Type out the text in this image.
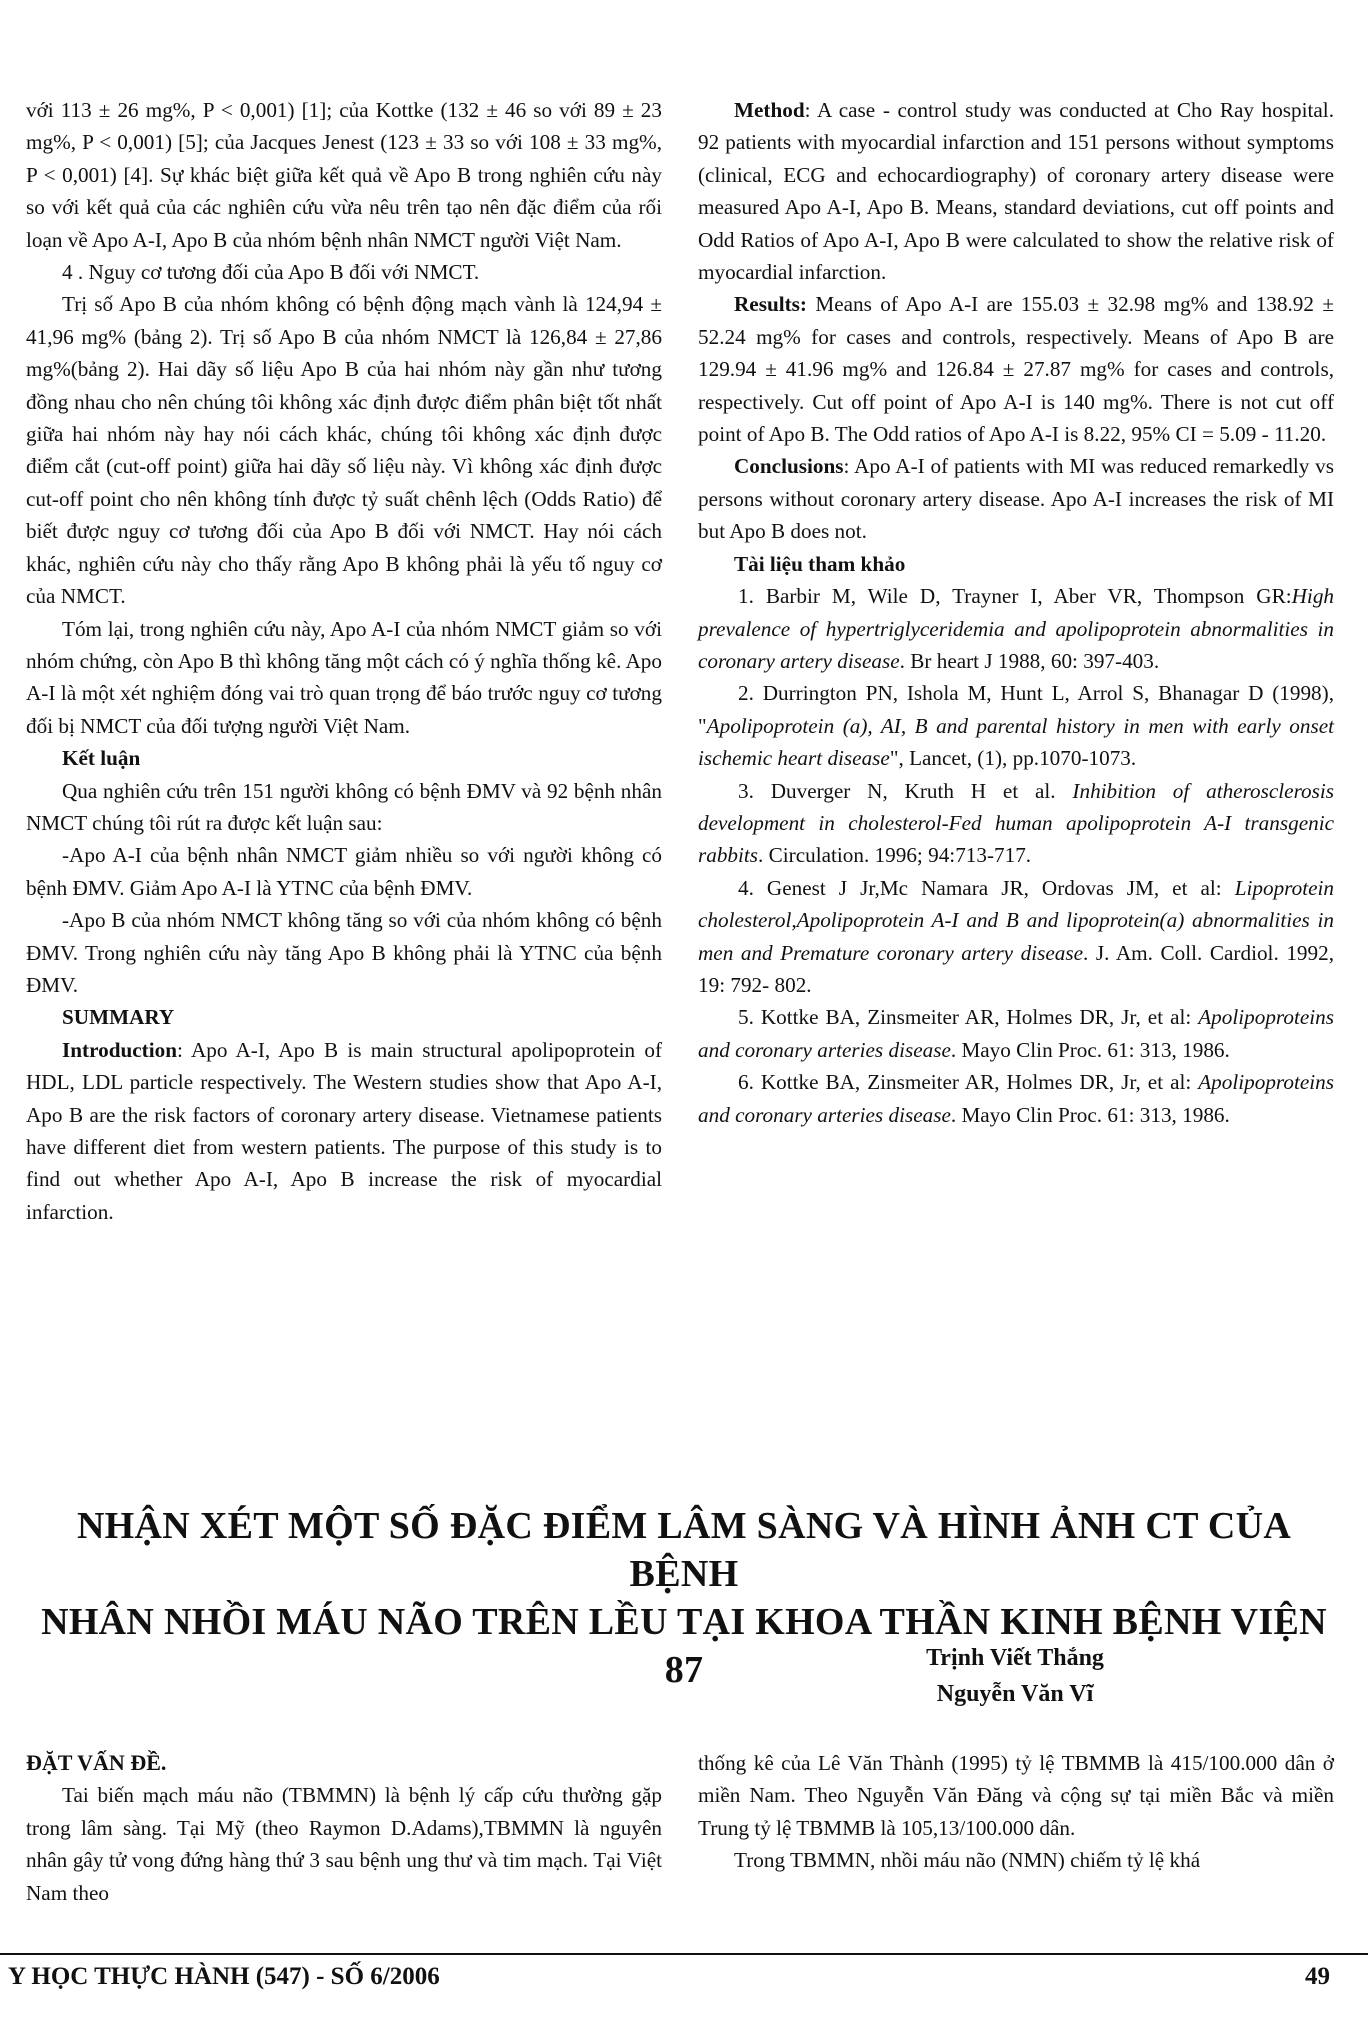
với 113 ± 26 mg%, P < 0,001) [1]; của Kottke (132 ± 46 so với 89 ± 23 mg%, P < 0,001) [5]; của Jacques Jenest (123 ± 33 so với 108 ± 33 mg%, P < 0,001) [4]. Sự khác biệt giữa kết quả về Apo B trong nghiên cứu này so với kết quả của các nghiên cứu vừa nêu trên tạo nên đặc điểm của rối loạn về Apo A-I, Apo B của nhóm bệnh nhân NMCT người Việt Nam.

4 . Nguy cơ tương đối của Apo B đối với NMCT.

Trị số Apo B của nhóm không có bệnh động mạch vành là 124,94 ± 41,96 mg% (bảng 2). Trị số Apo B của nhóm NMCT là 126,84 ± 27,86 mg%(bảng 2). Hai dãy số liệu Apo B của hai nhóm này gần như tương đồng nhau cho nên chúng tôi không xác định được điểm phân biệt tốt nhất giữa hai nhóm này hay nói cách khác, chúng tôi không xác định được điểm cắt (cut-off point) giữa hai dãy số liệu này. Vì không xác định được cut-off point cho nên không tính được tỷ suất chênh lệch (Odds Ratio) để biết được nguy cơ tương đối của Apo B đối với NMCT. Hay nói cách khác, nghiên cứu này cho thấy rằng Apo B không phải là yếu tố nguy cơ của NMCT.

Tóm lại, trong nghiên cứu này, Apo A-I của nhóm NMCT giảm so với nhóm chứng, còn Apo B thì không tăng một cách có ý nghĩa thống kê. Apo A-I là một xét nghiệm đóng vai trò quan trọng để báo trước nguy cơ tương đối bị NMCT của đối tượng người Việt Nam.

Kết luận

Qua nghiên cứu trên 151 người không có bệnh ĐMV và 92 bệnh nhân NMCT chúng tôi rút ra được kết luận sau:

-Apo A-I của bệnh nhân NMCT giảm nhiều so với người không có bệnh ĐMV. Giảm Apo A-I là YTNC của bệnh ĐMV.

-Apo B của nhóm NMCT không tăng so với của nhóm không có bệnh ĐMV. Trong nghiên cứu này tăng Apo B không phải là YTNC của bệnh ĐMV.

SUMMARY

Introduction: Apo A-I, Apo B is main structural apolipoprotein of HDL, LDL particle respectively. The Western studies show that Apo A-I, Apo B are the risk factors of coronary artery disease. Vietnamese patients have different diet from western patients. The purpose of this study is to find out whether Apo A-I, Apo B increase the risk of myocardial infarction.

Method: A case - control study was conducted at Cho Ray hospital. 92 patients with myocardial infarction and 151 persons without symptoms (clinical, ECG and echocardiography) of coronary artery disease were measured Apo A-I, Apo B. Means, standard deviations, cut off points and Odd Ratios of Apo A-I, Apo B were calculated to show the relative risk of myocardial infarction.

Results: Means of Apo A-I are 155.03 ± 32.98 mg% and 138.92 ± 52.24 mg% for cases and controls, respectively. Means of Apo B are 129.94 ± 41.96 mg% and 126.84 ± 27.87 mg% for cases and controls, respectively. Cut off point of Apo A-I is 140 mg%. There is not cut off point of Apo B. The Odd ratios of Apo A-I is 8.22, 95% CI = 5.09 - 11.20.

Conclusions: Apo A-I of patients with MI was reduced remarkedly vs persons without coronary artery disease. Apo A-I increases the risk of MI but Apo B does not.

Tài liệu tham khảo

1. Barbir M, Wile D, Trayner I, Aber VR, Thompson GR:High prevalence of hypertriglyceridemia and apolipoprotein abnormalities in coronary artery disease. Br heart J 1988, 60: 397-403.

2. Durrington PN, Ishola M, Hunt L, Arrol S, Bhanagar D (1998), "Apolipoprotein (a), AI, B and parental history in men with early onset ischemic heart disease", Lancet, (1), pp.1070-1073.

3. Duverger N, Kruth H et al. Inhibition of atherosclerosis development in cholesterol-Fed human apolipoprotein A-I transgenic rabbits. Circulation. 1996; 94:713-717.

4. Genest J Jr,Mc Namara JR, Ordovas JM, et al: Lipoprotein cholesterol,Apolipoprotein A-I and B and lipoprotein(a) abnormalities in men and Premature coronary artery disease. J. Am. Coll. Cardiol. 1992, 19: 792- 802.

5. Kottke BA, Zinsmeiter AR, Holmes DR, Jr, et al: Apolipoproteins and coronary arteries disease. Mayo Clin Proc. 61: 313, 1986.

6. Kottke BA, Zinsmeiter AR, Holmes DR, Jr, et al: Apolipoproteins and coronary arteries disease. Mayo Clin Proc. 61: 313, 1986.

NHẬN XÉT MỘT SỐ ĐẶC ĐIỂM LÂM SÀNG VÀ HÌNH ẢNH CT CỦA BỆNH
NHÂN NHỒI MÁU NÃO TRÊN LỀU TẠI KHOA THẦN KINH BỆNH VIỆN 87	Trịnh Viết Thắng
Nguyễn Văn Vĩ

ĐẶT VẤN ĐỀ.

Tai biến mạch máu não (TBMMN) là bệnh lý cấp cứu thường gặp trong lâm sàng. Tại Mỹ (theo Raymon D.Adams),TBMMN là nguyên nhân gây tử vong đứng hàng thứ 3 sau bệnh ung thư và tim mạch. Tại Việt Nam theo

thống kê của Lê Văn Thành (1995) tỷ lệ TBMMB là 415/100.000 dân ở miền Nam. Theo Nguyễn Văn Đăng và cộng sự tại miền Bắc và miền Trung tỷ lệ TBMMB là 105,13/100.000 dân.

Trong TBMMN, nhồi máu não (NMN) chiếm tỷ lệ khá

Y HỌC THỰC HÀNH (547) - SỐ 6/2006	49
